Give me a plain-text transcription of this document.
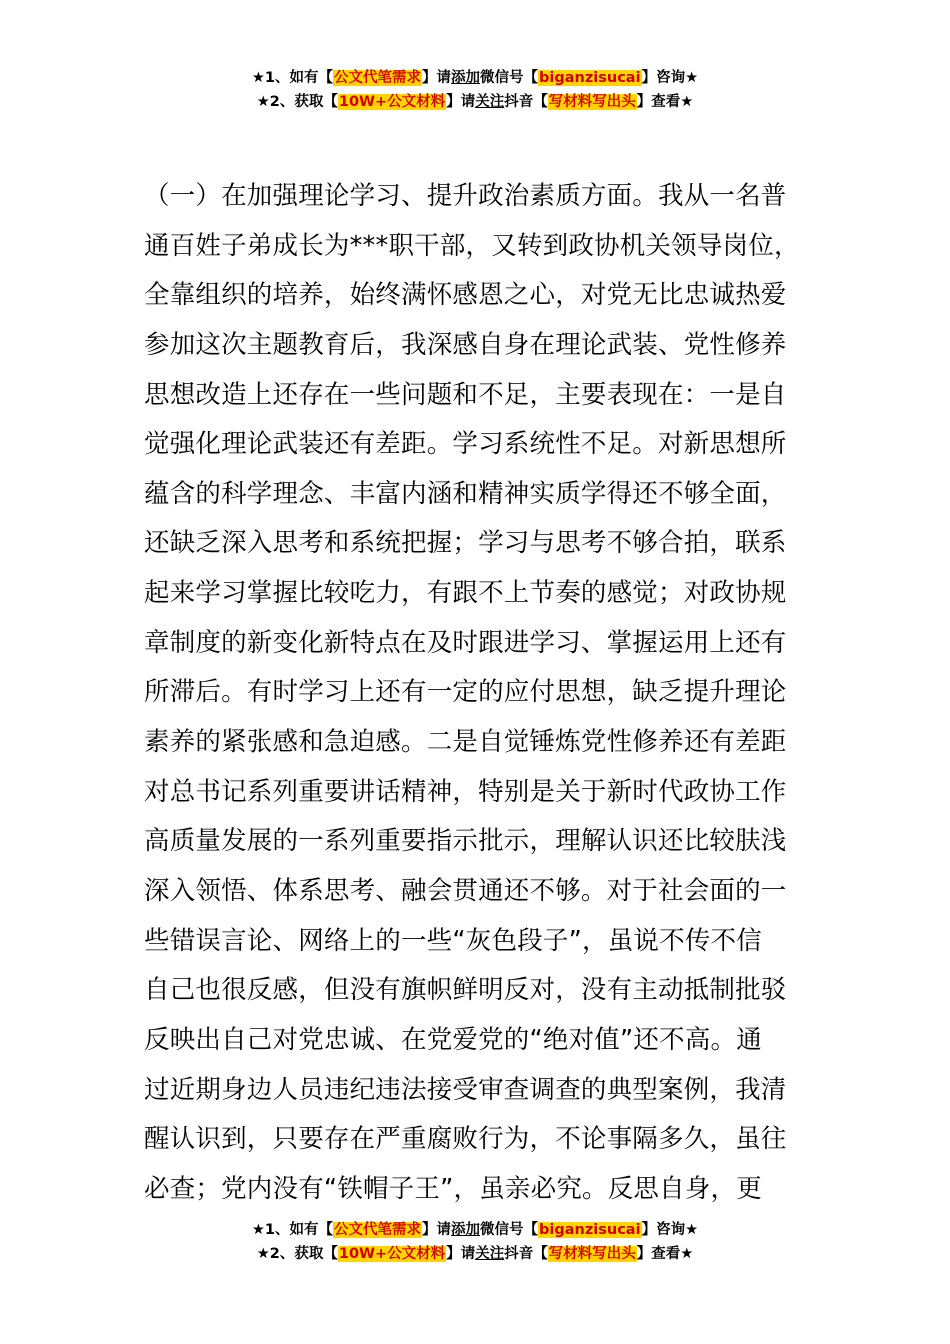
★1、如有【公文代笔需求】请添加微信号【biganzisucai】咨询★
★2、获取【10W+公文材料】请关注抖音【写材料写出头】查看★
（一）在加强理论学习、提升政治素质方面。我从一名普
通百姓子弟成长为***职干部，又转到政协机关领导岗位，
全靠组织的培养，始终满怀感恩之心，对党无比忠诚热爱
参加这次主题教育后，我深感自身在理论武装、党性修养
思想改造上还存在一些问题和不足，主要表现在：一是自
觉强化理论武装还有差距。学习系统性不足。对新思想所
蕴含的科学理念、丰富内涵和精神实质学得还不够全面，
还缺乏深入思考和系统把握；学习与思考不够合拍，联系
起来学习掌握比较吃力，有跟不上节奏的感觉；对政协规
章制度的新变化新特点在及时跟进学习、掌握运用上还有
所滞后。有时学习上还有一定的应付思想，缺乏提升理论
素养的紧张感和急迫感。二是自觉锤炼党性修养还有差距
对总书记系列重要讲话精神，特别是关于新时代政协工作
高质量发展的一系列重要指示批示，理解认识还比较肤浅
深入领悟、体系思考、融会贯通还不够。对于社会面的一
些错误言论、网络上的一些“灰色段子”，虽说不传不信
自己也很反感，但没有旗帜鲜明反对，没有主动抵制批驳
反映出自己对党忠诚、在党爱党的“绝对值”还不高。通
过近期身边人员违纪违法接受审查调查的典型案例，我清
醒认识到，只要存在严重腐败行为，不论事隔多久，虽往
必查；党内没有“铁帽子王”，虽亲必究。反思自身，更
★1、如有【公文代笔需求】请添加微信号【biganzisucai】咨询★
★2、获取【10W+公文材料】请关注抖音【写材料写出头】查看★
